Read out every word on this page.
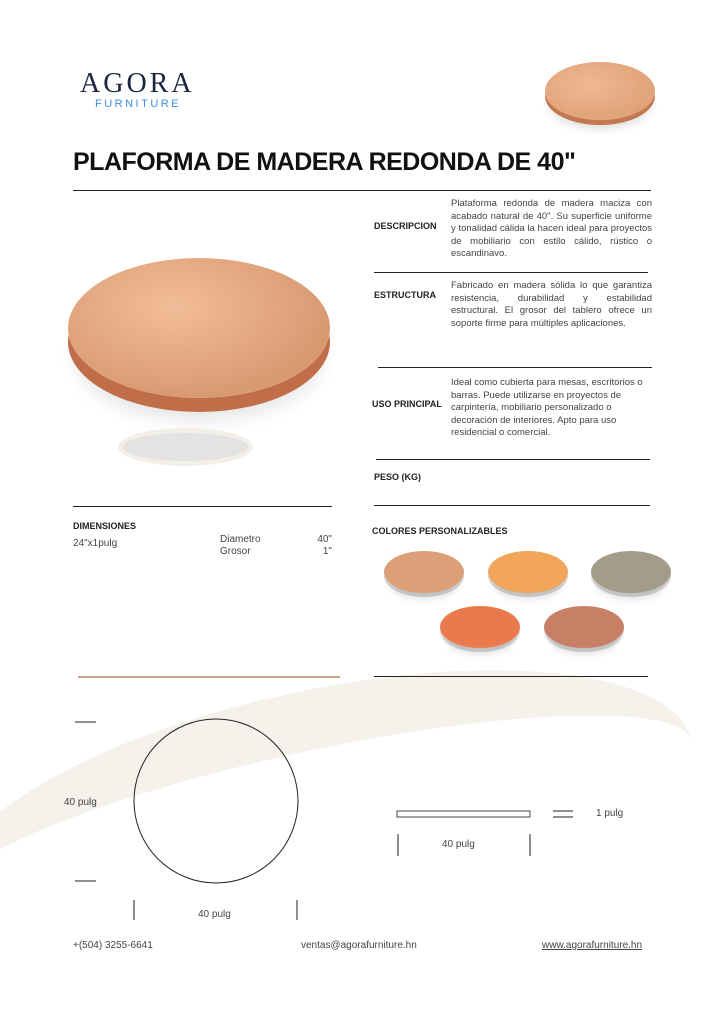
AGORA
FURNITURE
PLAFORMA DE MADERA REDONDA DE 40"
DESCRIPCION
Plataforma redonda de madera maciza con acabado natural de 40". Su superficie uniforme y tonalidad cálida la hacen ideal para proyectos de mobiliario con estilo cálido, rústico o escandinavo.
ESTRUCTURA
Fabricado en madera sólida lo que garantiza resistencia, durabilidad y estabilidad estructural. El grosor del tablero ofrece un soporte firme para múltiples aplicaciones.
USO PRINCIPAL
Ideal como cubierta para mesas, escritorios o barras. Puede utilizarse en proyectos de carpintería, mobiliario personalizado o decoración de interiores. Apto para uso residencial o comercial.
PESO (KG)
DIMENSIONES
24"x1pulg	Diametro	40"
Grosor	1"
COLORES PERSONALIZABLES
40 pulg
40 pulg
1 pulg
40 pulg
+(504) 3255-6641	ventas@agorafurniture.hn	www.agorafurniture.hn
